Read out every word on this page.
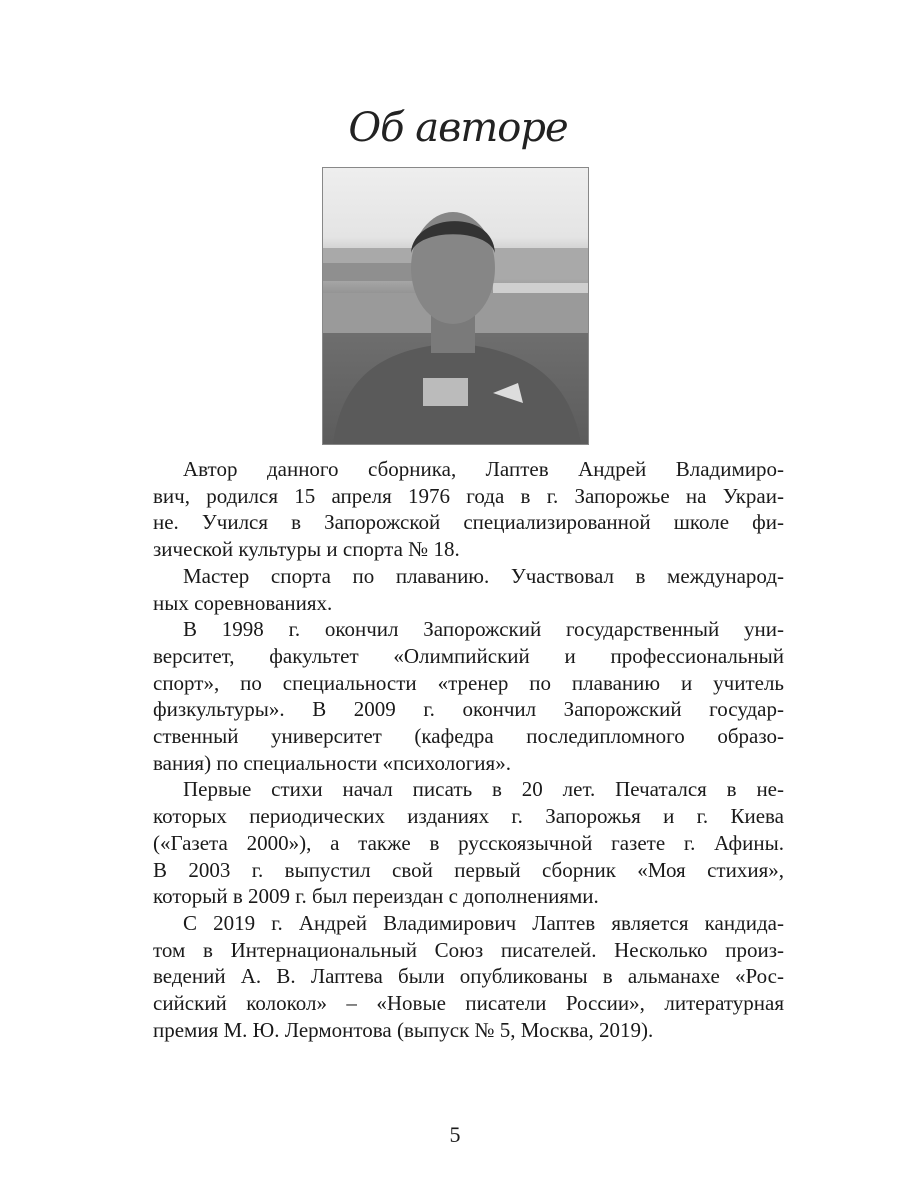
Об авторе
Автор данного сборника, Лаптев Андрей Владимиро-
вич, родился 15 апреля 1976 года в г. Запорожье на Украи-
не. Учился в Запорожской специализированной школе фи-
зической культуры и спорта № 18.
Мастер спорта по плаванию. Участвовал в международ-
ных соревнованиях.
В 1998 г. окончил Запорожский государственный уни-
верситет, факультет «Олимпийский и профессиональный
спорт», по специальности «тренер по плаванию и учитель
физкультуры». В 2009 г. окончил Запорожский государ-
ственный университет (кафедра последипломного образо-
вания) по специальности «психология».
Первые стихи начал писать в 20 лет. Печатался в не-
которых периодических изданиях г. Запорожья и г. Киева
(«Газета 2000»), а также в русскоязычной газете г. Афины.
В 2003 г. выпустил свой первый сборник «Моя стихия»,
который в 2009 г. был переиздан с дополнениями.
С 2019 г. Андрей Владимирович Лаптев является кандида-
том в Интернациональный Союз писателей. Несколько произ-
ведений А. В. Лаптева были опубликованы в альманахе «Рос-
сийский колокол» – «Новые писатели России», литературная
премия М. Ю. Лермонтова (выпуск № 5, Москва, 2019).
5
